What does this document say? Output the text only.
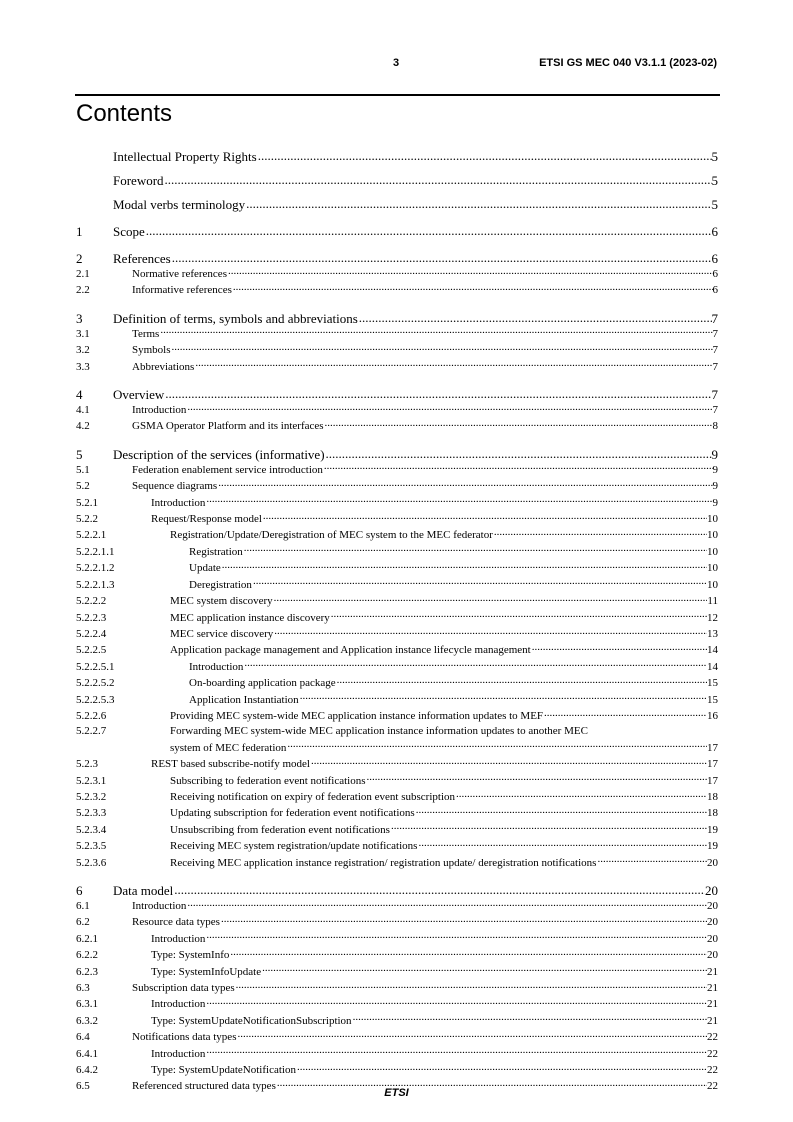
3	ETSI GS MEC 040 V3.1.1 (2023-02)
Contents
Intellectual Property Rights .....	5
Foreword .....	5
Modal verbs terminology .....	5
1	Scope .....	6
2	References .....	6
2.1	Normative references .....	6
2.2	Informative references .....	6
3	Definition of terms, symbols and abbreviations .....	7
3.1	Terms .....	7
3.2	Symbols .....	7
3.3	Abbreviations .....	7
4	Overview .....	7
4.1	Introduction .....	7
4.2	GSMA Operator Platform and its interfaces .....	8
5	Description of the services (informative) .....	9
5.1	Federation enablement service introduction .....	9
5.2	Sequence diagrams .....	9
5.2.1	Introduction .....	9
5.2.2	Request/Response model .....	10
5.2.2.1	Registration/Update/Deregistration of MEC system to the MEC federator .....	10
5.2.2.1.1	Registration .....	10
5.2.2.1.2	Update .....	10
5.2.2.1.3	Deregistration .....	10
5.2.2.2	MEC system discovery .....	11
5.2.2.3	MEC application instance discovery .....	12
5.2.2.4	MEC service discovery .....	13
5.2.2.5	Application package management and Application instance lifecycle management .....	14
5.2.2.5.1	Introduction .....	14
5.2.2.5.2	On-boarding application package .....	15
5.2.2.5.3	Application Instantiation .....	15
5.2.2.6	Providing MEC system-wide MEC application instance information updates to MEF .....	16
5.2.2.7	Forwarding MEC system-wide MEC application instance information updates to another MEC
system of MEC federation .....	17
5.2.3	REST based subscribe-notify model .....	17
5.2.3.1	Subscribing to federation event notifications .....	17
5.2.3.2	Receiving notification on expiry of federation event subscription .....	18
5.2.3.3	Updating subscription for federation event notifications .....	18
5.2.3.4	Unsubscribing from federation event notifications .....	19
5.2.3.5	Receiving MEC system registration/update notifications .....	19
5.2.3.6	Receiving MEC application instance registration/ registration update/ deregistration notifications .....	20
6	Data model .....	20
6.1	Introduction .....	20
6.2	Resource data types .....	20
6.2.1	Introduction .....	20
6.2.2	Type: SystemInfo .....	20
6.2.3	Type: SystemInfoUpdate .....	21
6.3	Subscription data types .....	21
6.3.1	Introduction .....	21
6.3.2	Type: SystemUpdateNotificationSubscription .....	21
6.4	Notifications data types .....	22
6.4.1	Introduction .....	22
6.4.2	Type: SystemUpdateNotification .....	22
6.5	Referenced structured data types .....	22
ETSI
